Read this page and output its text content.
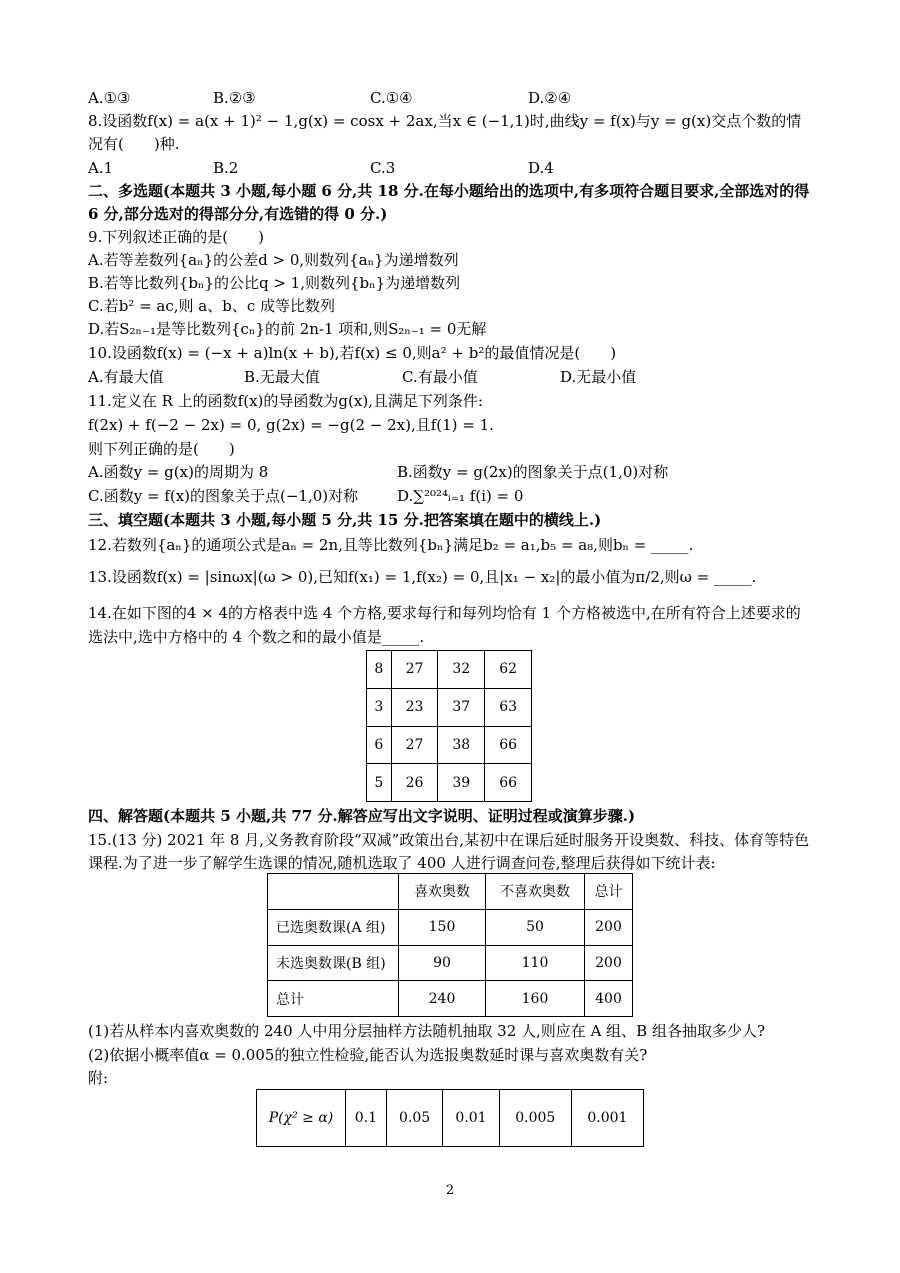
A.①③	B.②③	C.①④	D.②④
8.设函数f(x) = a(x + 1)² − 1,g(x) = cosx + 2ax,当x ∈ (−1,1)时,曲线y = f(x)与y = g(x)交点个数的情
况有(　　)种.
A.1	B.2	C.3	D.4
二、多选题(本题共 3 小题,每小题 6 分,共 18 分.在每小题给出的选项中,有多项符合题目要求,全部选对的得
6 分,部分选对的得部分分,有选错的得 0 分.)
9.下列叙述正确的是(　　)
A.若等差数列{aₙ}的公差d > 0,则数列{aₙ}为递增数列
B.若等比数列{bₙ}的公比q > 1,则数列{bₙ}为递增数列
C.若b² = ac,则 a、b、c 成等比数列
D.若S₂ₙ₋₁是等比数列{cₙ}的前 2n-1 项和,则S₂ₙ₋₁ = 0无解
10.设函数f(x) = (−x + a)ln(x + b),若f(x) ≤ 0,则a² + b²的最值情况是(　　)
A.有最大值	B.无最大值	C.有最小值	D.无最小值
11.定义在 R 上的函数f(x)的导函数为g(x),且满足下列条件:
f(2x) + f(−2 − 2x) = 0, g(2x) = −g(2 − 2x),且f(1) = 1.
则下列正确的是(　　)
A.函数y = g(x)的周期为 8	B.函数y = g(2x)的图象关于点(1,0)对称
C.函数y = f(x)的图象关于点(−1,0)对称	D.∑²⁰²⁴ᵢ₌₁ f(i) = 0
三、填空题(本题共 3 小题,每小题 5 分,共 15 分.把答案填在题中的横线上.)
12.若数列{aₙ}的通项公式是aₙ = 2n,且等比数列{bₙ}满足b₂ = a₁,b₅ = a₈,则bₙ = _____.
13.设函数f(x) = |sinωx|(ω > 0),已知f(x₁) = 1,f(x₂) = 0,且|x₁ − x₂|的最小值为π/2,则ω = _____.
14.在如下图的4 × 4的方格表中选 4 个方格,要求每行和每列均恰有 1 个方格被选中,在所有符合上述要求的
选法中,选中方格中的 4 个数之和的最小值是_____.
8	27	32	62
3	23	37	63
6	27	38	66
5	26	39	66
四、解答题(本题共 5 小题,共 77 分.解答应写出文字说明、证明过程或演算步骤.)
15.(13 分) 2021 年 8 月,义务教育阶段“双减”政策出台,某初中在课后延时服务开设奥数、科技、体育等特色
课程.为了进一步了解学生选课的情况,随机选取了 400 人进行调查问卷,整理后获得如下统计表:
	喜欢奥数	不喜欢奥数	总计
已选奥数课(A 组)	150	50	200
未选奥数课(B 组)	90	110	200
总计	240	160	400
(1)若从样本内喜欢奥数的 240 人中用分层抽样方法随机抽取 32 人,则应在 A 组、B 组各抽取多少人?
(2)依据小概率值α = 0.005的独立性检验,能否认为选报奥数延时课与喜欢奥数有关?
附:
P(χ² ≥ α)	0.1	0.05	0.01	0.005	0.001
2
